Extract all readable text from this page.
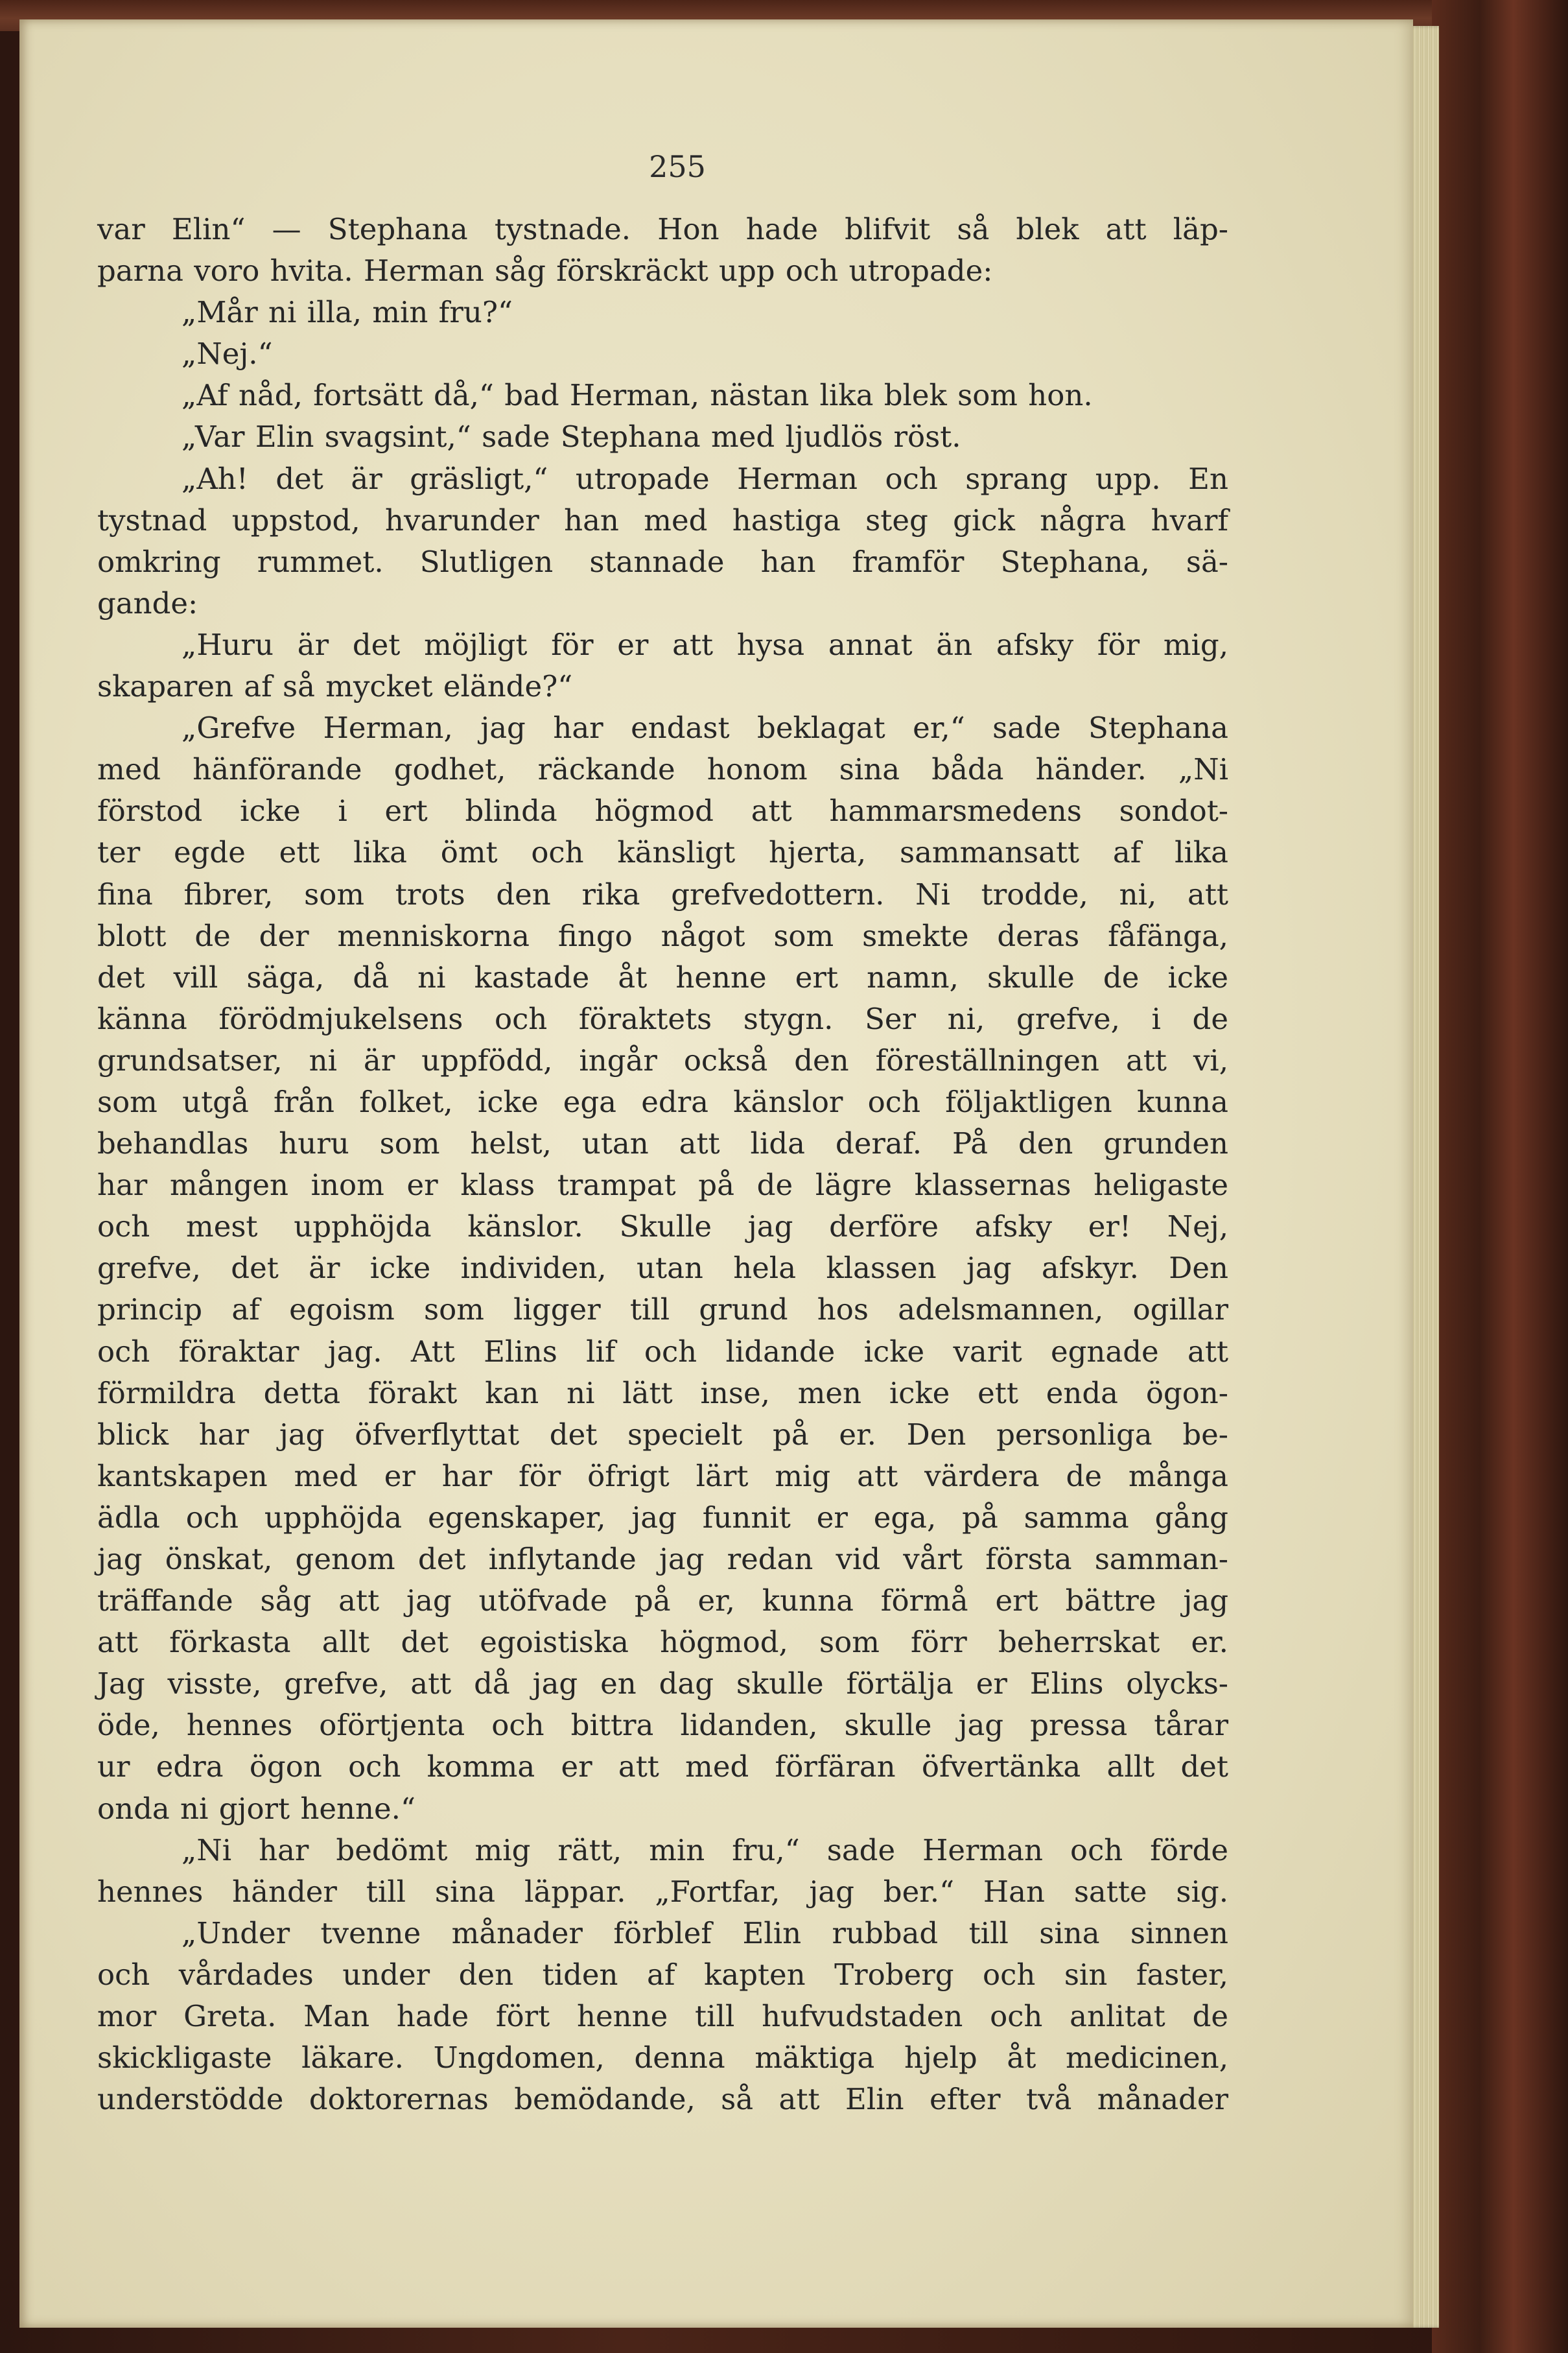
255
var Elin“ — Stephana tystnade. Hon hade blifvit så blek att läp-
parna voro hvita. Herman såg förskräckt upp och utropade:
„Mår ni illa, min fru?“
„Nej.“
„Af nåd, fortsätt då,“ bad Herman, nästan lika blek som hon.
„Var Elin svagsint,“ sade Stephana med ljudlös röst.
„Ah! det är gräsligt,“ utropade Herman och sprang upp. En
tystnad uppstod, hvarunder han med hastiga steg gick några hvarf
omkring rummet. Slutligen stannade han framför Stephana, sä-
gande:
„Huru är det möjligt för er att hysa annat än afsky för mig,
skaparen af så mycket elände?“
„Grefve Herman, jag har endast beklagat er,“ sade Stephana
med hänförande godhet, räckande honom sina båda händer. „Ni
förstod icke i ert blinda högmod att hammarsmedens sondot-
ter egde ett lika ömt och känsligt hjerta, sammansatt af lika
fina fibrer, som trots den rika grefvedottern. Ni trodde, ni, att
blott de der menniskorna fingo något som smekte deras fåfänga,
det vill säga, då ni kastade åt henne ert namn, skulle de icke
känna förödmjukelsens och föraktets stygn. Ser ni, grefve, i de
grundsatser, ni är uppfödd, ingår också den föreställningen att vi,
som utgå från folket, icke ega edra känslor och följaktligen kunna
behandlas huru som helst, utan att lida deraf. På den grunden
har mången inom er klass trampat på de lägre klassernas heligaste
och mest upphöjda känslor. Skulle jag derföre afsky er! Nej,
grefve, det är icke individen, utan hela klassen jag afskyr. Den
princip af egoism som ligger till grund hos adelsmannen, ogillar
och föraktar jag. Att Elins lif och lidande icke varit egnade att
förmildra detta förakt kan ni lätt inse, men icke ett enda ögon-
blick har jag öfverflyttat det specielt på er. Den personliga be-
kantskapen med er har för öfrigt lärt mig att värdera de många
ädla och upphöjda egenskaper, jag funnit er ega, på samma gång
jag önskat, genom det inflytande jag redan vid vårt första samman-
träffande såg att jag utöfvade på er, kunna förmå ert bättre jag
att förkasta allt det egoistiska högmod, som förr beherrskat er.
Jag visste, grefve, att då jag en dag skulle förtälja er Elins olycks-
öde, hennes oförtjenta och bittra lidanden, skulle jag pressa tårar
ur edra ögon och komma er att med förfäran öfvertänka allt det
onda ni gjort henne.“
„Ni har bedömt mig rätt, min fru,“ sade Herman och förde
hennes händer till sina läppar. „Fortfar, jag ber.“ Han satte sig.
„Under tvenne månader förblef Elin rubbad till sina sinnen
och vårdades under den tiden af kapten Troberg och sin faster,
mor Greta. Man hade fört henne till hufvudstaden och anlitat de
skickligaste läkare. Ungdomen, denna mäktiga hjelp åt medicinen,
understödde doktorernas bemödande, så att Elin efter två månader
